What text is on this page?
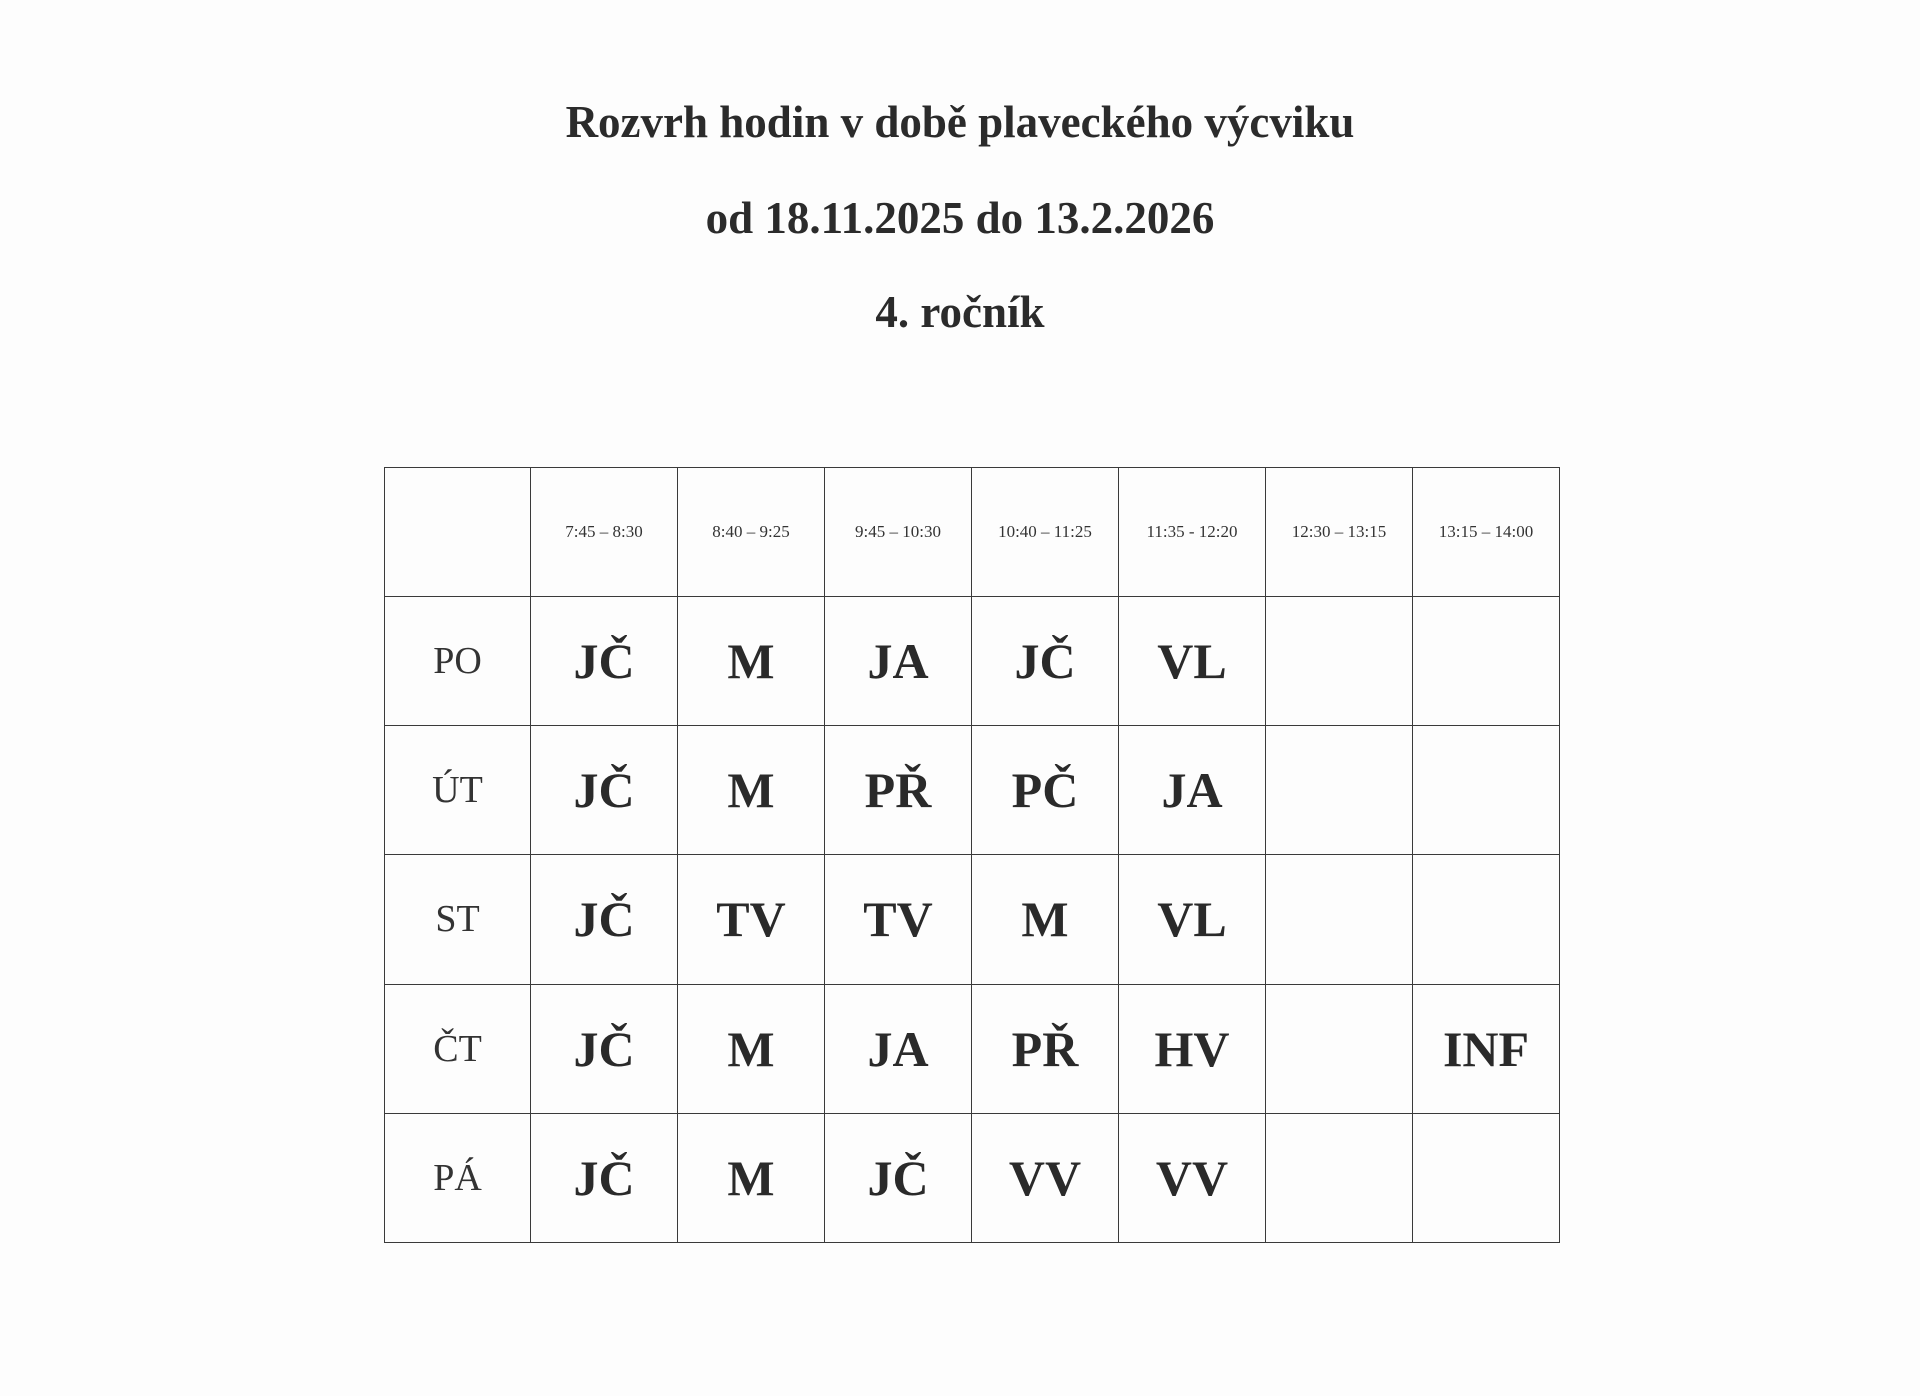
Rozvrh hodin v době plaveckého výcviku
od 18.11.2025 do 13.2.2026
4. ročník
	7:45 – 8:30	8:40 – 9:25	9:45 – 10:30	10:40 – 11:25	11:35 - 12:20	12:30 – 13:15	13:15 – 14:00
PO	JČ	M	JA	JČ	VL		
ÚT	JČ	M	PŘ	PČ	JA		
ST	JČ	TV	TV	M	VL		
ČT	JČ	M	JA	PŘ	HV		INF
PÁ	JČ	M	JČ	VV	VV		
